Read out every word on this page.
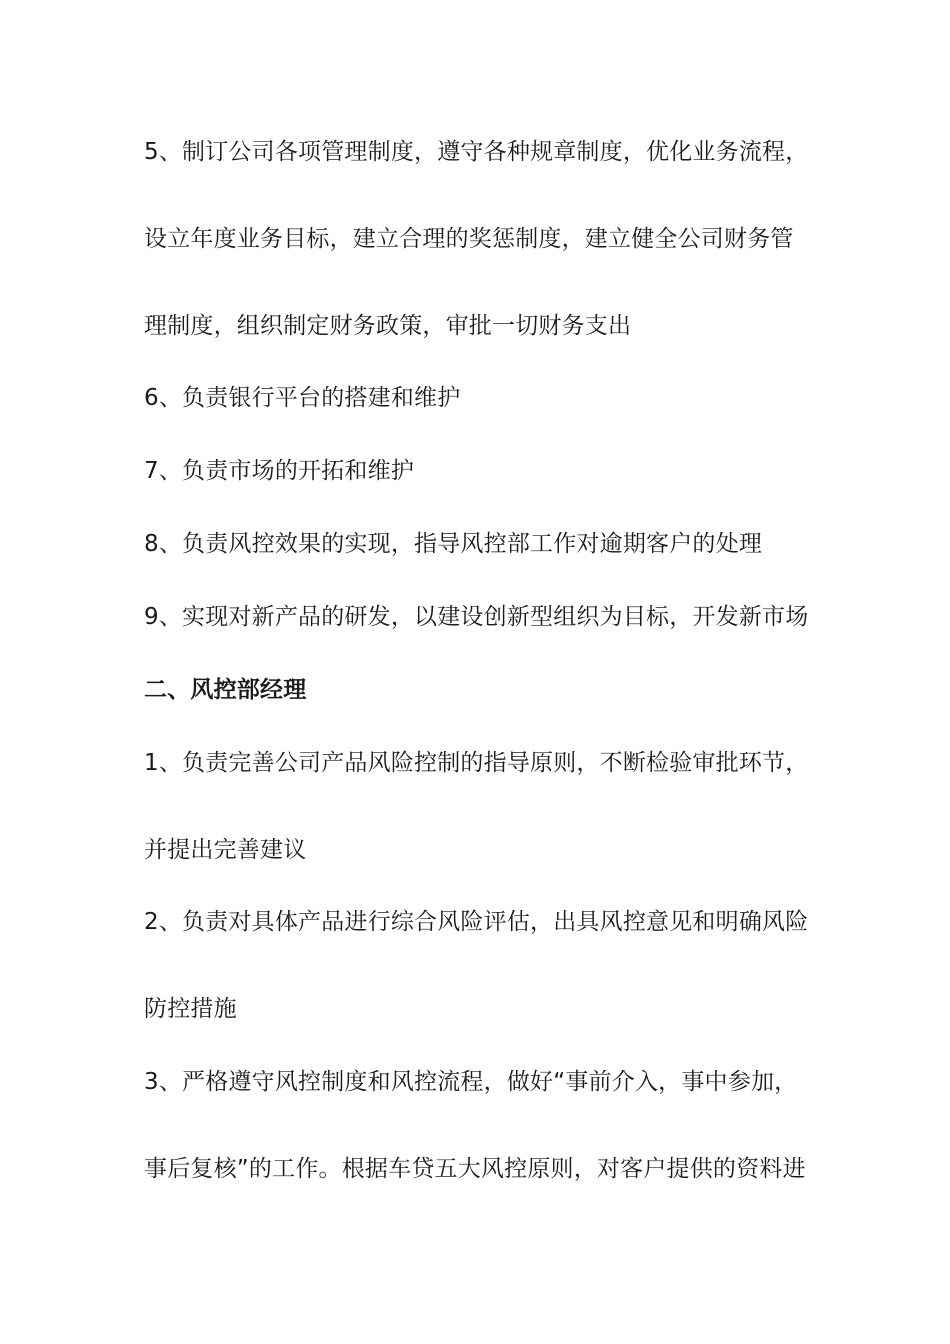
5、制订公司各项管理制度，遵守各种规章制度，优化业务流程，
设立年度业务目标，建立合理的奖惩制度，建立健全公司财务管
理制度，组织制定财务政策，审批一切财务支出
6、负责银行平台的搭建和维护
7、负责市场的开拓和维护
8、负责风控效果的实现，指导风控部工作对逾期客户的处理
9、实现对新产品的研发，以建设创新型组织为目标，开发新市场
二、风控部经理
1、负责完善公司产品风险控制的指导原则，不断检验审批环节，
并提出完善建议
2、负责对具体产品进行综合风险评估，出具风控意见和明确风险
防控措施
3、严格遵守风控制度和风控流程，做好“事前介入，事中参加，
事后复核”的工作。根据车贷五大风控原则，对客户提供的资料进
